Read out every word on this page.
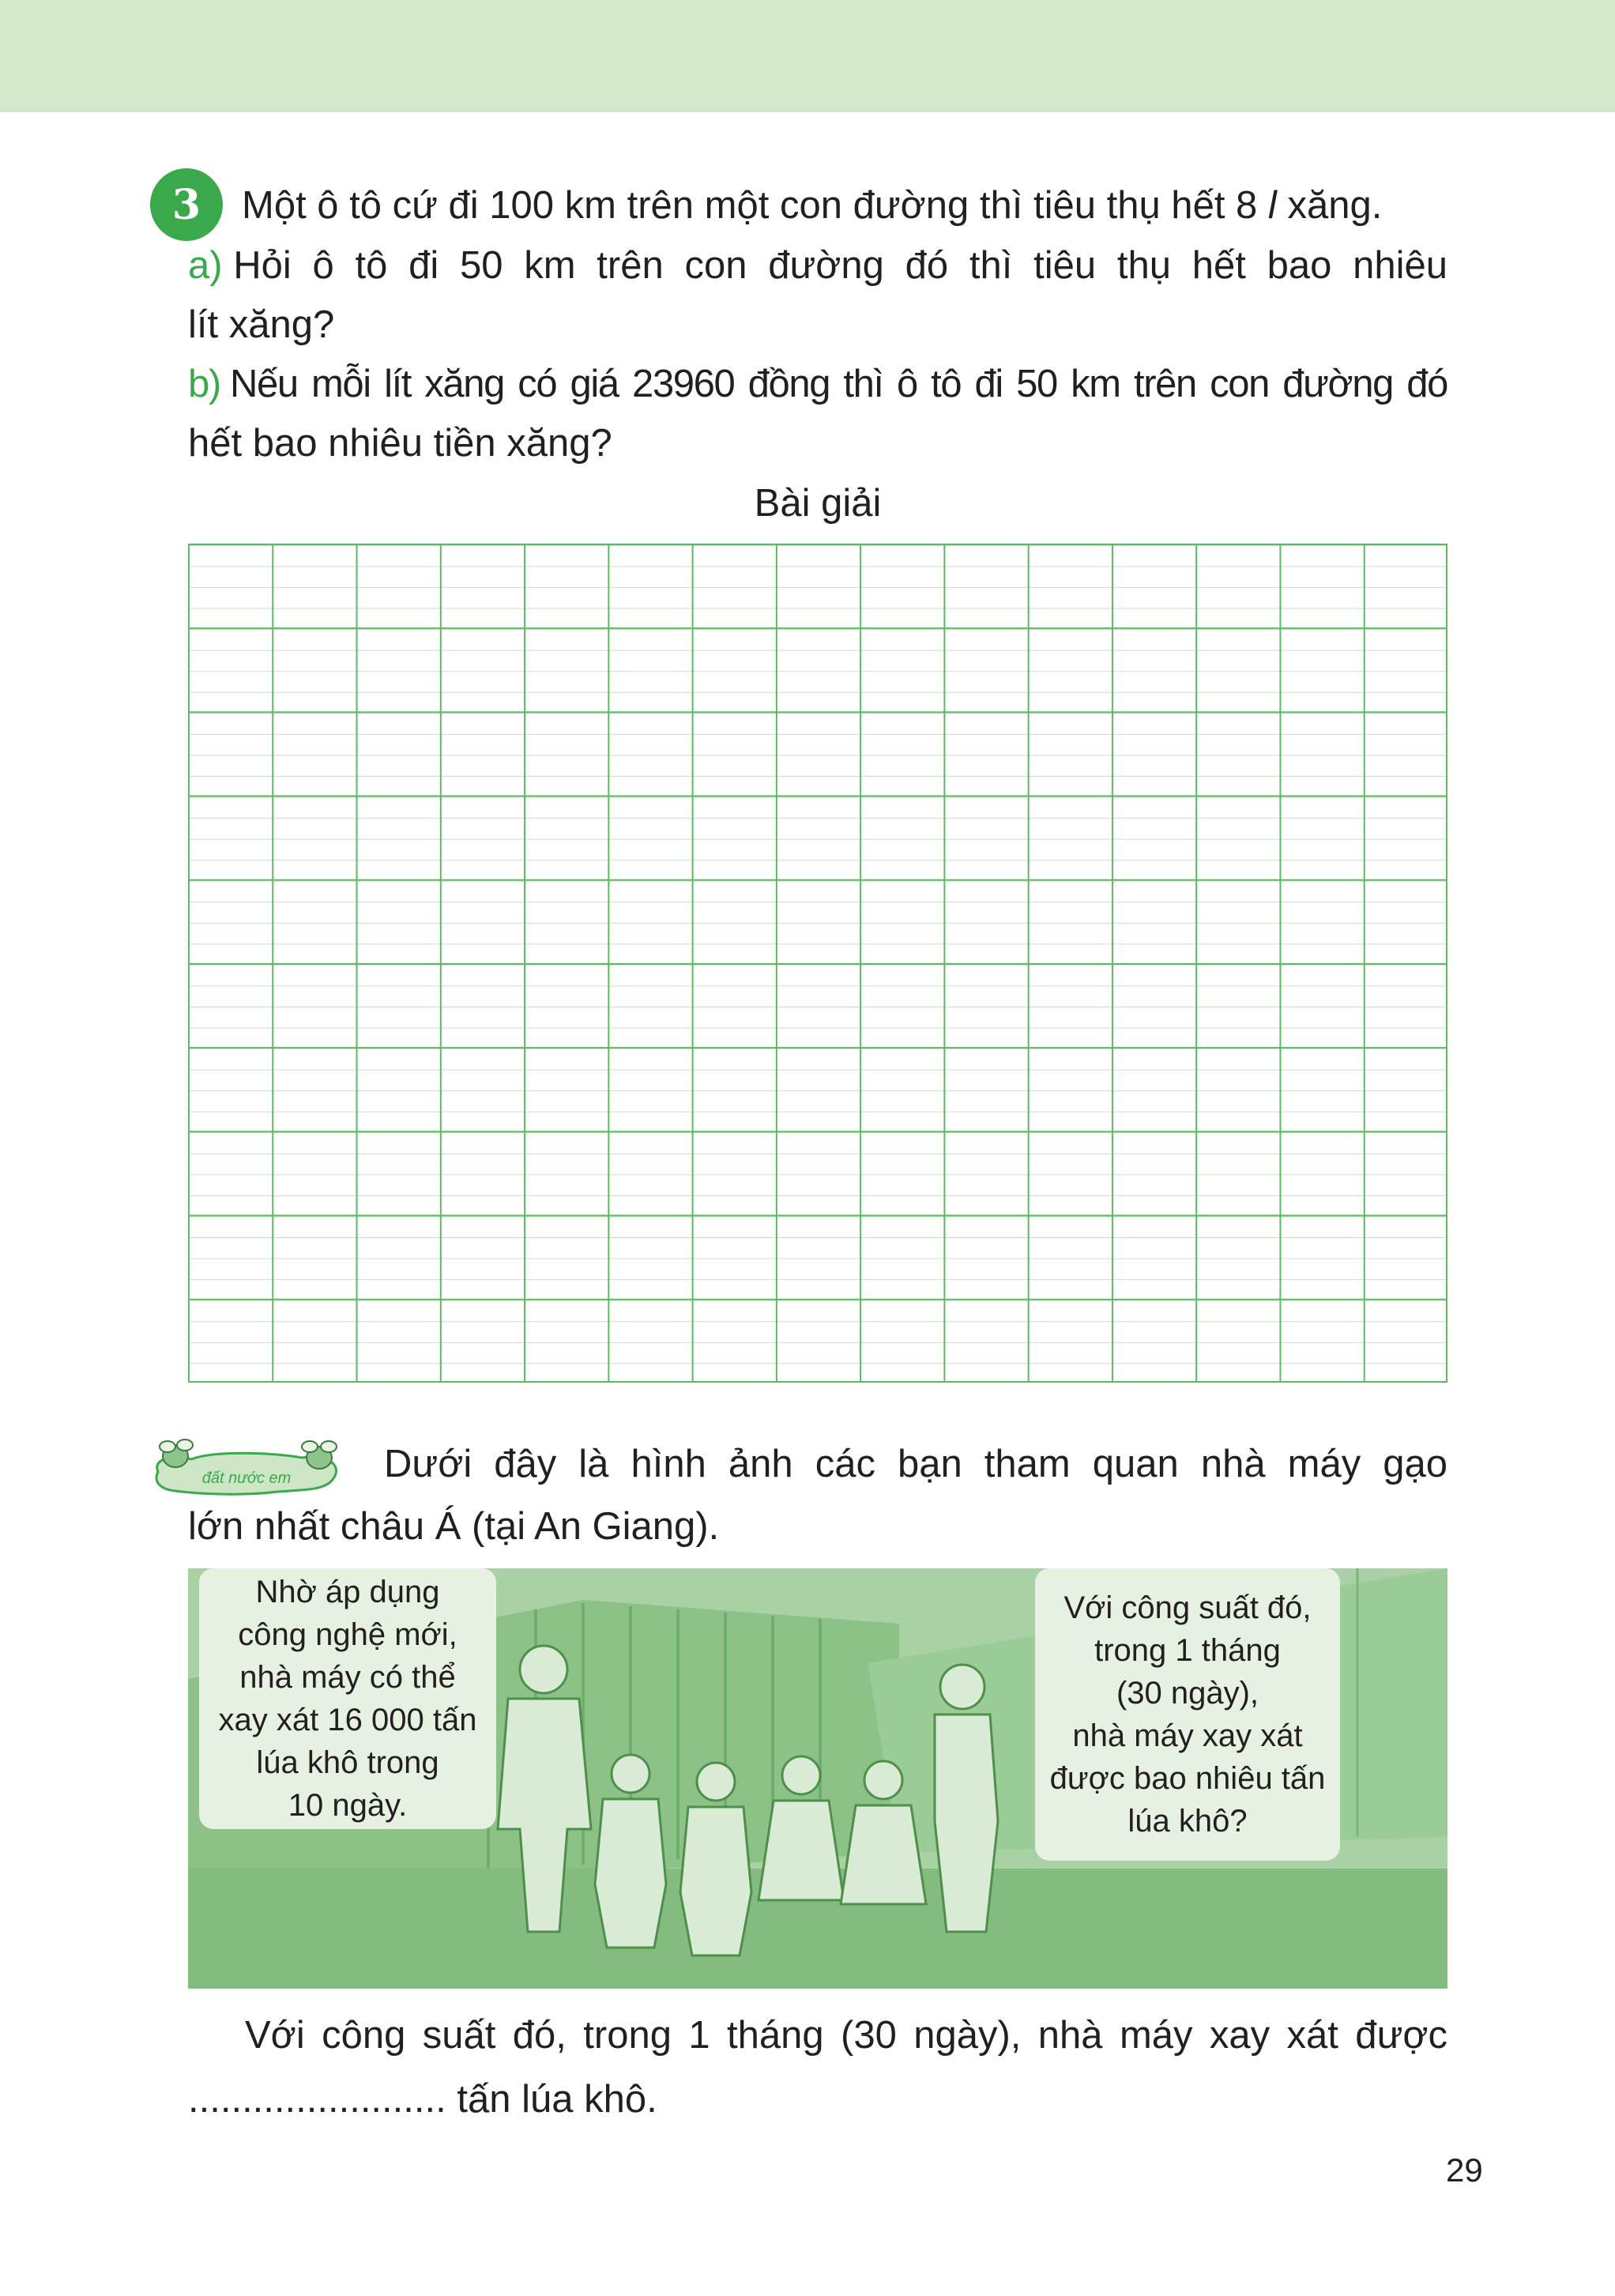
3 Một ô tô cứ đi 100 km trên một con đường thì tiêu thụ hết 8 l xăng.
a) Hỏi ô tô đi 50 km trên con đường đó thì tiêu thụ hết bao nhiêu
lít xăng?
b) Nếu mỗi lít xăng có giá 23960 đồng thì ô tô đi 50 km trên con đường đó
hết bao nhiêu tiền xăng?
Bài giải
đất nước em Dưới đây là hình ảnh các bạn tham quan nhà máy gạo
lớn nhất châu Á (tại An Giang).
Nhờ áp dụng
công nghệ mới,
nhà máy có thể
xay xát 16 000 tấn
lúa khô trong
10 ngày.
Với công suất đó,
trong 1 tháng
(30 ngày),
nhà máy xay xát
được bao nhiêu tấn
lúa khô?
Với công suất đó, trong 1 tháng (30 ngày), nhà máy xay xát được
........................ tấn lúa khô.
29
